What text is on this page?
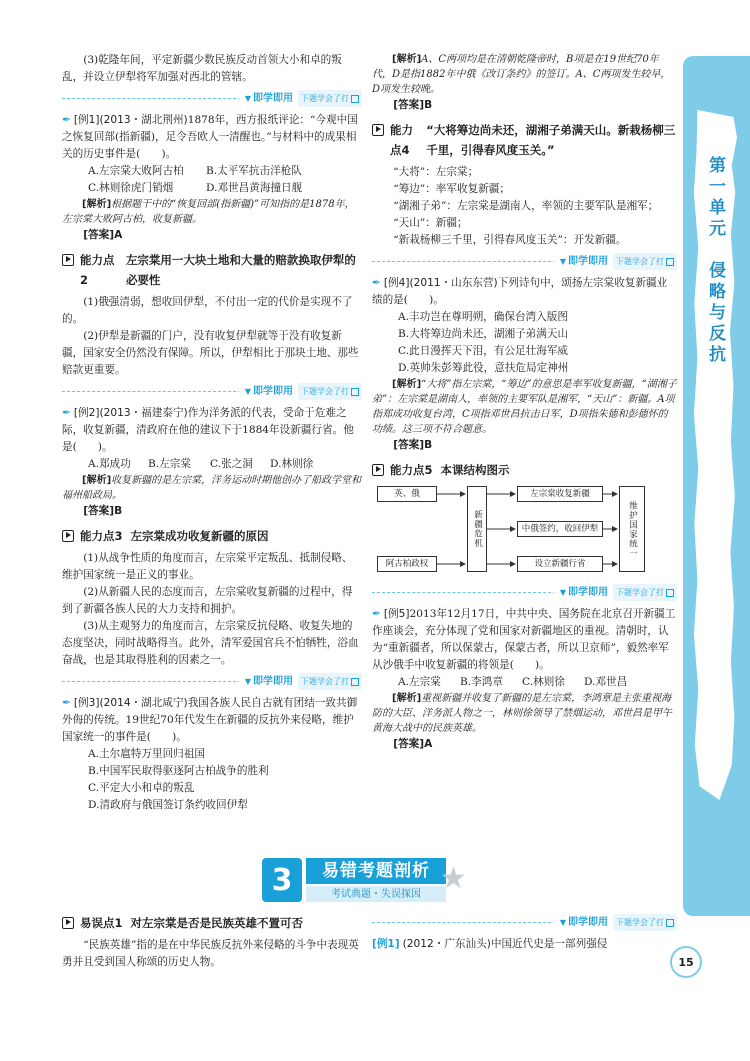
第一单元　侵略与反抗
15

(3)乾隆年间，平定新疆少数民族反动首领大小和卓的叛乱，并设立伊犁将军加强对西北的管辖。

▼ 即学即用 下题学会了打

✒ [例1](2013・湖北荆州)1878年，西方报纸评论：“今观中国之恢复回部(指新疆)，足令吾欧人一清醒也。”与材料中的成果相关的历史事件是(　　)。

A.左宗棠大败阿古柏	B.太平军抗击洋枪队
C.林则徐虎门销烟	D.邓世昌黄海撞日舰

[解析]根据题干中的“恢复回部(指新疆)”可知指的是1878年，左宗棠大败阿古柏，收复新疆。

[答案]A

能力点2
左宗棠用一大块土地和大量的赔款换取伊犁的必要性

(1)俄强清弱，想收回伊犁，不付出一定的代价是实现不了的。

(2)伊犁是新疆的门户，没有收复伊犁就等于没有收复新疆，国家安全仍然没有保障。所以，伊犁相比于那块土地、那些赔款更重要。

▼ 即学即用 下题学会了打

✒ [例2](2013・福建泰宁)作为洋务派的代表，受命于危难之际，收复新疆，清政府在他的建议下于1884年设新疆行省。他是(　　)。

A.郑成功	B.左宗棠	C.张之洞	D.林则徐

[解析]收复新疆的是左宗棠，洋务运动时期他创办了船政学堂和福州船政局。

[答案]B

能力点3 左宗棠成功收复新疆的原因

(1)从战争性质的角度而言，左宗棠平定叛乱、抵制侵略、维护国家统一是正义的事业。

(2)从新疆人民的态度而言，左宗棠收复新疆的过程中，得到了新疆各族人民的大力支持和拥护。

(3)从主观努力的角度而言，左宗棠反抗侵略、收复失地的态度坚决，同时战略得当。此外，清军爱国官兵不怕牺牲，浴血奋战，也是其取得胜利的因素之一。

▼ 即学即用 下题学会了打

✒ [例3](2014・湖北咸宁)我国各族人民自古就有团结一致共御外侮的传统。19世纪70年代发生在新疆的反抗外来侵略，维护国家统一的事件是(　　)。

A.土尔扈特万里回归祖国

B.中国军民取得驱逐阿古柏战争的胜利

C.平定大小和卓的叛乱

D.清政府与俄国签订条约收回伊犁

[解析]A、C两项均是在清朝乾隆帝时，B项是在19世纪70年代，D是指1882年中俄《改订条约》的签订。A、C两项发生较早，D项发生较晚。

[答案]B

能力点4
“大将筹边尚未还，湖湘子弟满天山。新栽杨柳三千里，引得春风度玉关。”

“大将”：左宗棠；

“筹边”：率军收复新疆；

“湖湘子弟”：左宗棠是湖南人，率领的主要军队是湘军；

“天山”：新疆；

“新栽杨柳三千里，引得春风度玉关”：开发新疆。

▼ 即学即用 下题学会了打

✒ [例4](2011・山东东营)下列诗句中，颂扬左宗棠收复新疆业绩的是(　　)。

A.丰功岂在尊明朔，确保台湾入版图

B.大将筹边尚未还，湖湘子弟满天山

C.此日漫挥天下泪，有公足壮海军威

D.英帅朱彭筹此役，意扶危局定神州

[解析]“大将”指左宗棠，“筹边”的意思是率军收复新疆，“湖湘子弟”：左宗棠是湖南人，率领的主要军队是湘军，“天山”：新疆。A项指郑成功收复台湾，C项指邓世昌抗击日军，D项指朱德和彭德怀的功绩。这三项不符合题意。

[答案]B

能力点5 本课结构图示
英、俄
新疆危机
左宗棠收复新疆
中俄签约，收回伊犁
设立新疆行省
阿古柏政权
维护国家统一
▼ 即学即用 下题学会了打

✒ [例5]2013年12月17日，中共中央、国务院在北京召开新疆工作座谈会，充分体现了党和国家对新疆地区的重视。清朝时，认为“重新疆者，所以保蒙古，保蒙古者，所以卫京师”，毅然率军从沙俄手中收复新疆的将领是(　　)。

A.左宗棠	B.李鸿章	C.林则徐	D.邓世昌

[解析]重视新疆并收复了新疆的是左宗棠，李鸿章是主张重视海防的大臣、洋务派人物之一，林则徐领导了禁烟运动，邓世昌是甲午黄海大战中的民族英雄。

[答案]A

3	易错考题剖析
考试典题・失误探因 ★
易误点1 对左宗棠是否是民族英雄不置可否

“民族英雄”指的是在中华民族反抗外来侵略的斗争中表现英勇并且受到国人称颂的历史人物。

▼ 即学即用 下题学会了打

[例1] (2012・广东汕头)中国近代史是一部列强侵
